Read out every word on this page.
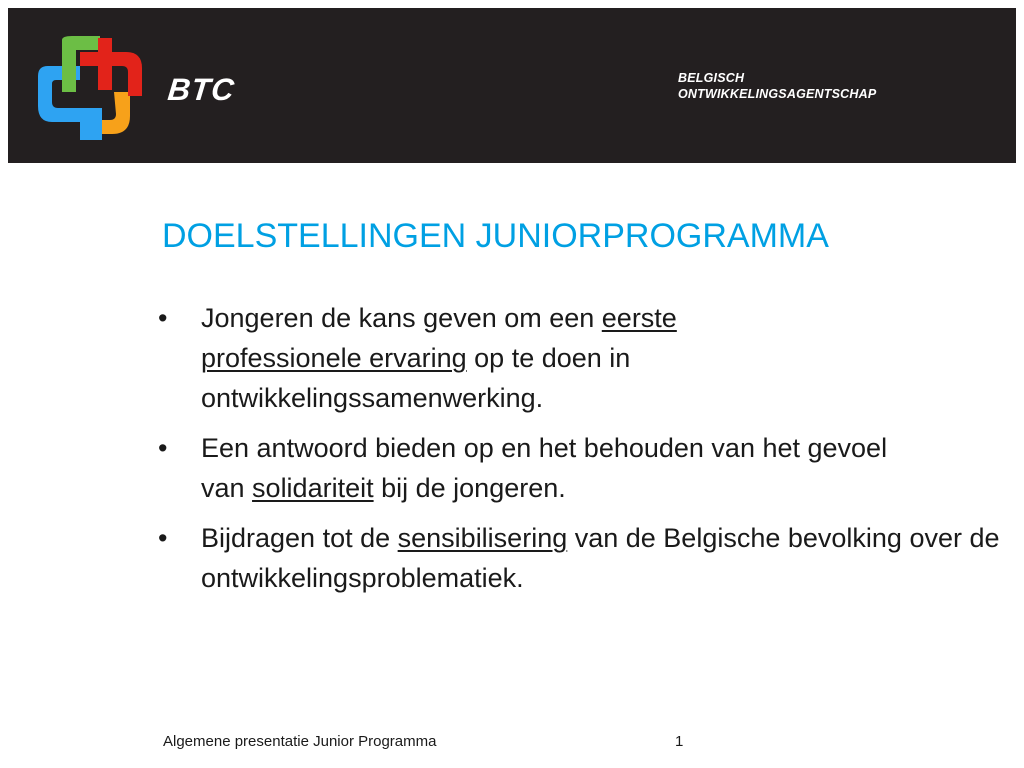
BTC	BELGISCH
ONTWIKKELINGSAGENTSCHAP
DOELSTELLINGEN JUNIORPROGRAMMA
• Jongeren de kans geven om een eerste professionele ervaring op te doen in ontwikkelingssamenwerking.
• Een antwoord bieden op en het behouden van het gevoel van solidariteit bij de jongeren.
• Bijdragen tot de sensibilisering van de Belgische bevolking over de ontwikkelingsproblematiek.
Algemene presentatie Junior Programma	1
